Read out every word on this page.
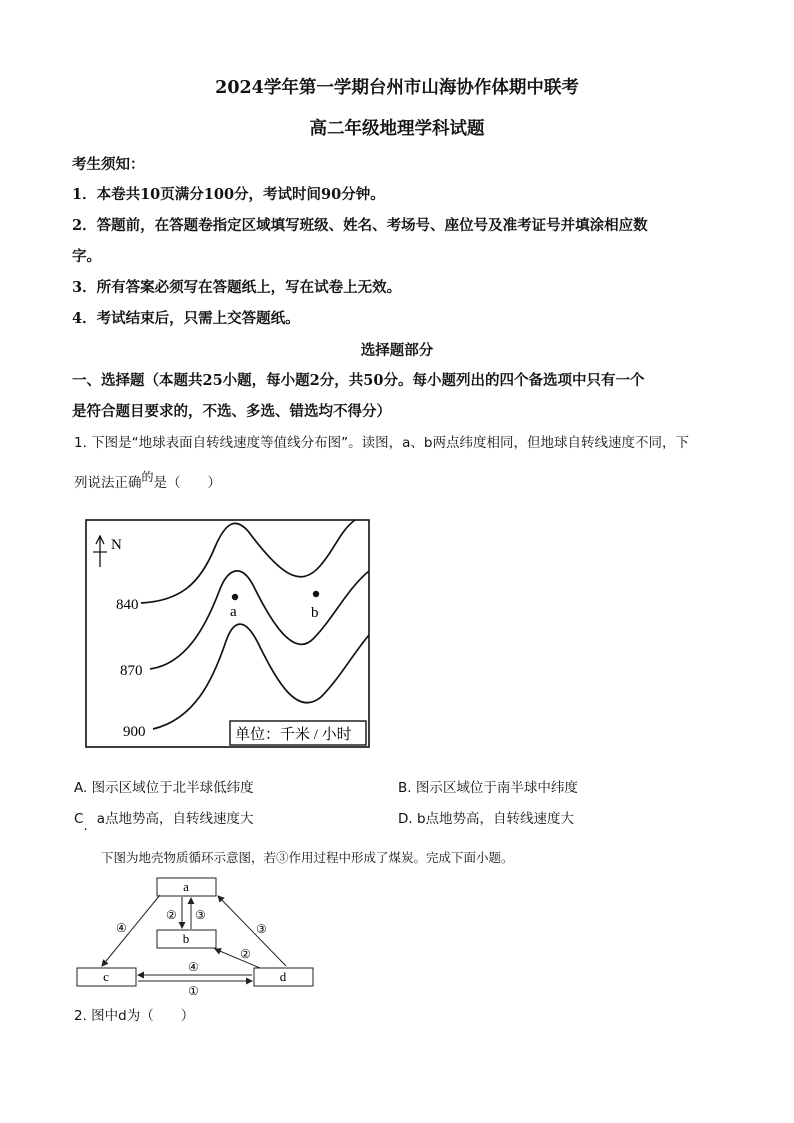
2024学年第一学期台州市山海协作体期中联考
高二年级地理学科试题
考生须知：
1．本卷共10页满分100分，考试时间90分钟。
2．答题前，在答题卷指定区域填写班级、姓名、考场号、座位号及准考证号并填涂相应数
字。
3．所有答案必须写在答题纸上，写在试卷上无效。
4．考试结束后，只需上交答题纸。
选择题部分
一、选择题（本题共25小题，每小题2分，共50分。每小题列出的四个备选项中只有一个
是符合题目要求的，不选、多选、错选均不得分）
1. 下图是“地球表面自转线速度等值线分布图”。读图，a、b两点纬度相同，但地球自转线速度不同，下
列说法正确的是（　　）
N
840
870
900
a	b
单位：千米 / 小时
A. 图示区域位于北半球低纬度	B. 图示区域位于南半球中纬度
C. a点地势高，自转线速度大	D. b点地势高，自转线速度大
下图为地壳物质循环示意图，若③作用过程中形成了煤炭。完成下面小题。
a
b
c	d
④
② ③
③
②
④
①
2. 图中d为（　　）
